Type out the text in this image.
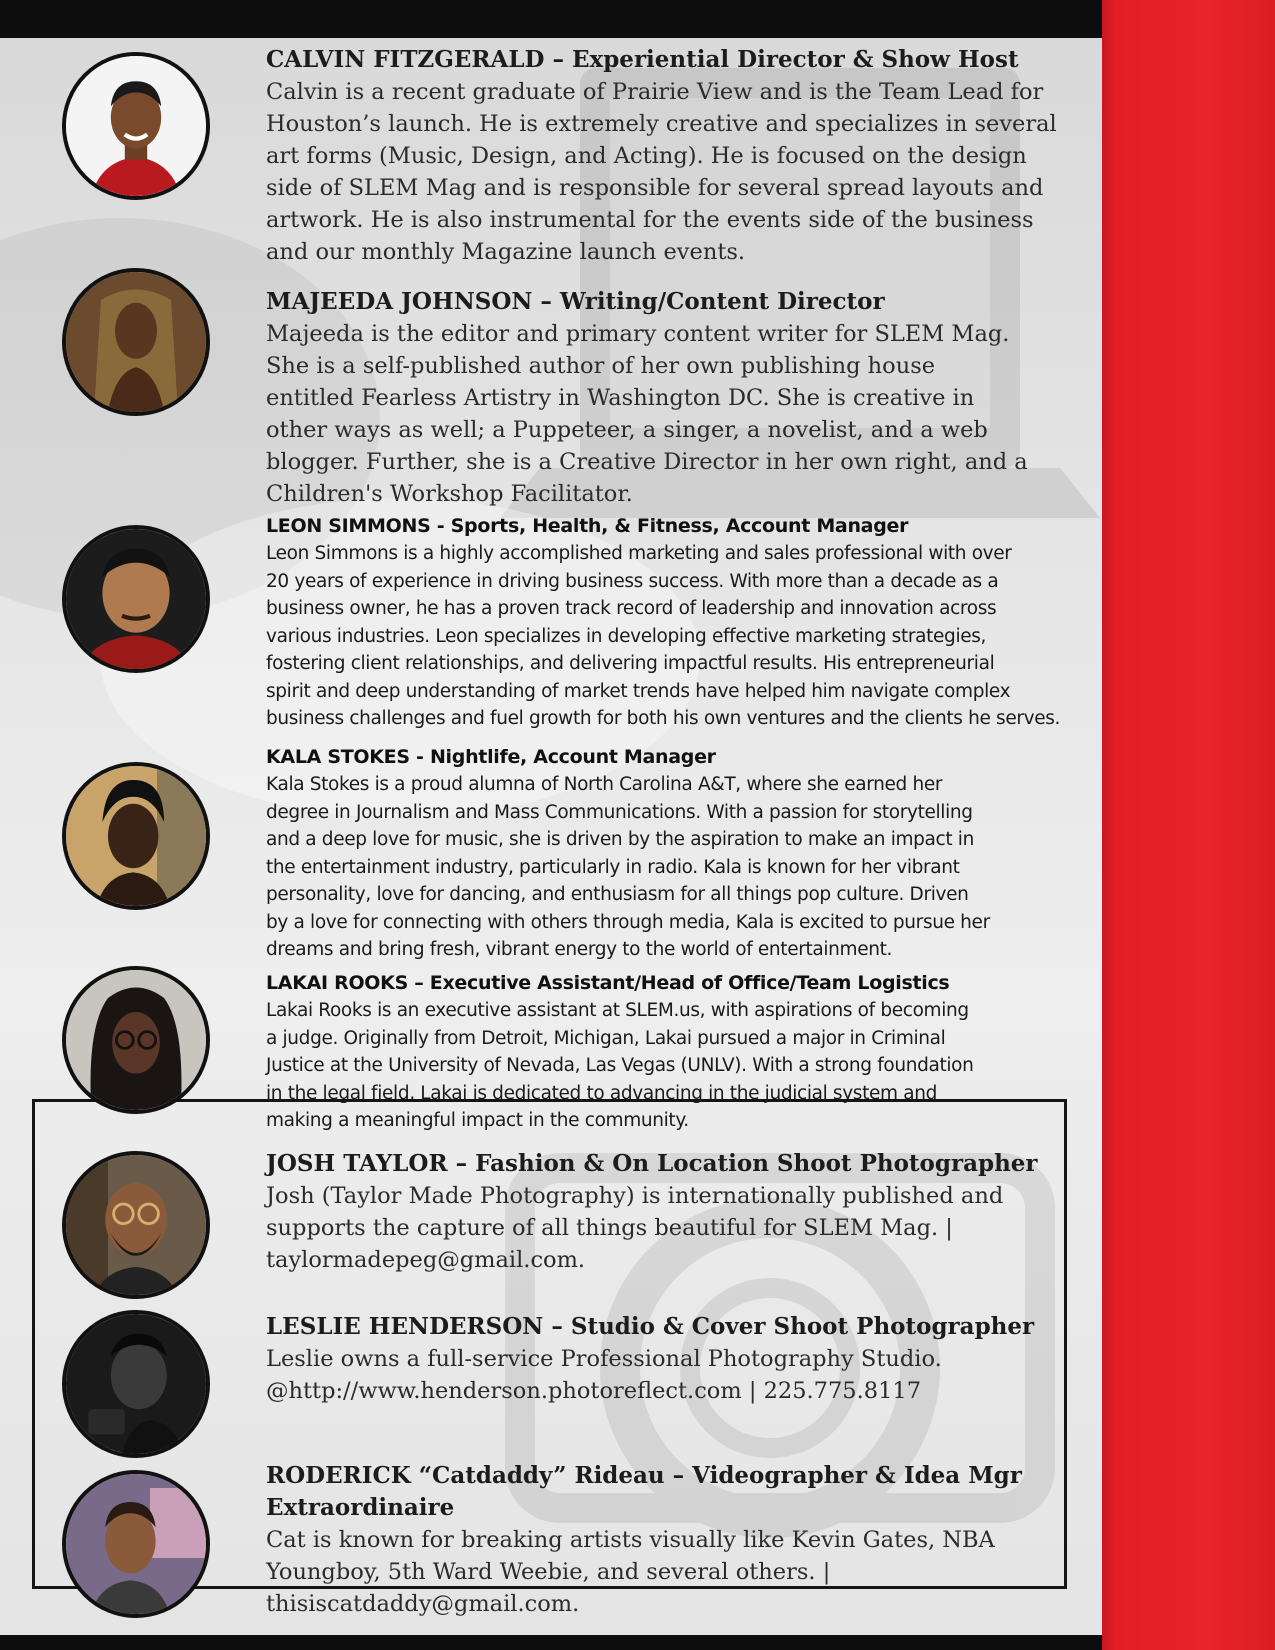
CALVIN FITZGERALD – Experiential Director & Show Host
Calvin is a recent graduate of Prairie View and is the Team Lead for
Houston’s launch. He is extremely creative and specializes in several
art forms (Music, Design, and Acting). He is focused on the design
side of SLEM Mag and is responsible for several spread layouts and
artwork. He is also instrumental for the events side of the business
and our monthly Magazine launch events.
MAJEEDA JOHNSON – Writing/Content Director
Majeeda is the editor and primary content writer for SLEM Mag.
She is a self-published author of her own publishing house
entitled Fearless Artistry in Washington DC. She is creative in
other ways as well; a Puppeteer, a singer, a novelist, and a web
blogger. Further, she is a Creative Director in her own right, and a
Children's Workshop Facilitator.
LEON SIMMONS - Sports, Health, & Fitness, Account Manager
Leon Simmons is a highly accomplished marketing and sales professional with over
20 years of experience in driving business success. With more than a decade as a
business owner, he has a proven track record of leadership and innovation across
various industries. Leon specializes in developing effective marketing strategies,
fostering client relationships, and delivering impactful results. His entrepreneurial
spirit and deep understanding of market trends have helped him navigate complex
business challenges and fuel growth for both his own ventures and the clients he serves.
KALA STOKES - Nightlife, Account Manager
Kala Stokes is a proud alumna of North Carolina A&T, where she earned her
degree in Journalism and Mass Communications. With a passion for storytelling
and a deep love for music, she is driven by the aspiration to make an impact in
the entertainment industry, particularly in radio. Kala is known for her vibrant
personality, love for dancing, and enthusiasm for all things pop culture. Driven
by a love for connecting with others through media, Kala is excited to pursue her
dreams and bring fresh, vibrant energy to the world of entertainment.
LAKAI ROOKS – Executive Assistant/Head of Office/Team Logistics
Lakai Rooks is an executive assistant at SLEM.us, with aspirations of becoming
a judge. Originally from Detroit, Michigan, Lakai pursued a major in Criminal
Justice at the University of Nevada, Las Vegas (UNLV). With a strong foundation
in the legal field, Lakai is dedicated to advancing in the judicial system and
making a meaningful impact in the community.
JOSH TAYLOR – Fashion & On Location Shoot Photographer
Josh (Taylor Made Photography) is internationally published and
supports the capture of all things beautiful for SLEM Mag. |
taylormadepeg@gmail.com.
LESLIE HENDERSON – Studio & Cover Shoot Photographer
Leslie owns a full-service Professional Photography Studio.
@http://www.henderson.photoreflect.com | 225.775.8117
RODERICK “Catdaddy” Rideau – Videographer & Idea Mgr
Extraordinaire
Cat is known for breaking artists visually like Kevin Gates, NBA
Youngboy, 5th Ward Weebie, and several others. |
thisiscatdaddy@gmail.com.
